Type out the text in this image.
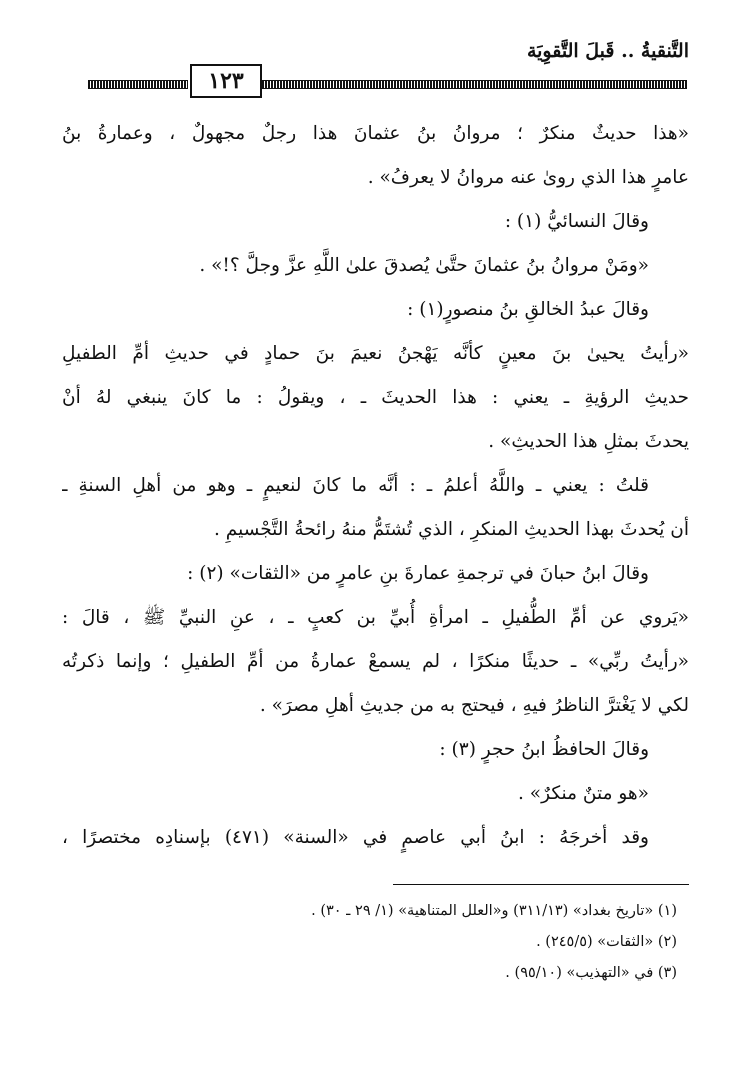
التَّنقيةُ .. قَبلَ التَّقوِيَة
١٢٣
«هذا حديثٌ منكرٌ ؛ مروانُ بنُ عثمانَ هذا رجلٌ مجهولٌ ، وعمارةُ بنُ
عامرٍ هذا الذي روىٰ عنه مروانُ لا يعرفُ» .
وقالَ النسائيُّ (١) :
«ومَنْ مروانُ بنُ عثمانَ حتَّىٰ يُصدقَ علىٰ اللَّهِ عزَّ وجلَّ ؟!» .
وقالَ عبدُ الخالقِ بنُ منصورٍ(١) :
«رأيتُ يحيىٰ بنَ معينٍ كأنَّه يَهْجنُ نعيمَ بنَ حمادٍ في حديثِ أمِّ الطفيلِ
حديثِ الرؤيةِ ـ يعني : هذا الحديثَ ـ ، ويقولُ : ما كانَ ينبغي لهُ أنْ
يحدثَ بمثلِ هذا الحديثِ» .
قلتُ : يعني ـ واللَّهُ أعلمُ ـ : أنَّه ما كانَ لنعيمٍ ـ وهو من أهلِ السنةِ ـ
أن يُحدثَ بهذا الحديثِ المنكرِ ، الذي تُشتَمُّ منهُ رائحةُ التَّجْسيمِ .
وقالَ ابنُ حبانَ في ترجمةِ عمارةَ بنِ عامرٍ من «الثقات» (٢) :
«يَروي عن أمِّ الطُّفيلِ ـ امرأةِ أُبيِّ بن كعبٍ ـ ، عنِ النبيِّ ﷺ ، قالَ :
«رأيتُ ربِّي» ـ حديثًا منكرًا ، لم يسمعْ عمارةُ من أمِّ الطفيلِ ؛ وإنما ذكرتُه
لكي لا يَغْترَّ الناظرُ فيهِ ، فيحتج به من جديثِ أهلِ مصرَ» .
وقالَ الحافظُ ابنُ حجرٍ (٣) :
«هو متنٌ منكرٌ» .
وقد أخرجَهُ : ابنُ أبي عاصمٍ في «السنة» (٤٧١) بإسنادِه مختصرًا ،
(١) «تاريخ بغداد» (٣١١/١٣) و«العلل المتناهية» (١/ ٢٩ ـ ٣٠) .
(٢) «الثقات» (٢٤٥/٥) .
(٣) في «التهذيب» (٩٥/١٠) .
